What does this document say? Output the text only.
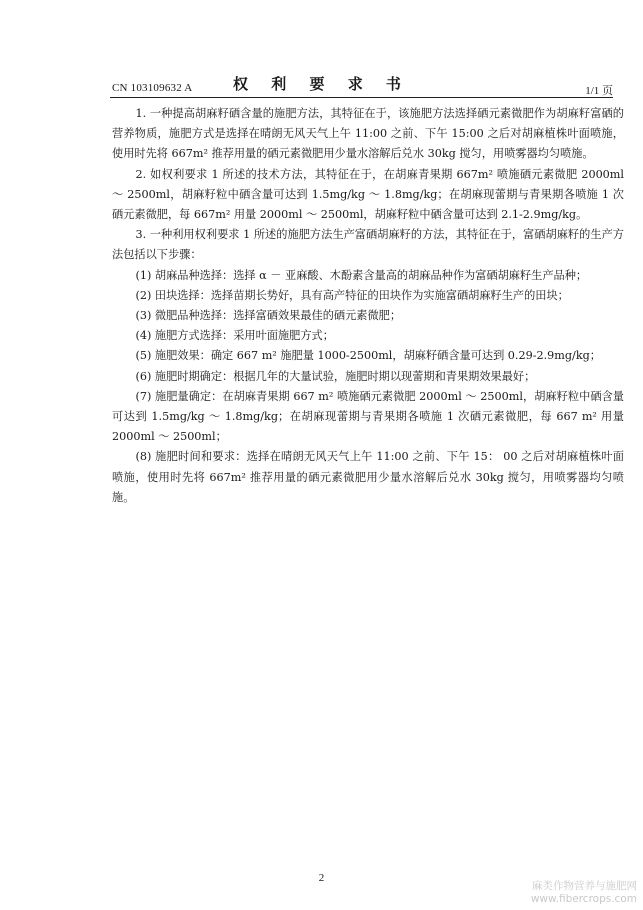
CN 103109632 A	权 利 要 求 书	1/1 页

1. 一种提高胡麻籽硒含量的施肥方法，其特征在于，该施肥方法选择硒元素微肥作为胡麻籽富硒的营养物质，施肥方式是选择在晴朗无风天气上午 11:00 之前、下午 15:00 之后对胡麻植株叶面喷施，使用时先将 667m² 推荐用量的硒元素微肥用少量水溶解后兑水 30kg 搅匀，用喷雾器均匀喷施。

2. 如权利要求 1 所述的技术方法，其特征在于，在胡麻青果期 667m² 喷施硒元素微肥 2000ml ～ 2500ml，胡麻籽粒中硒含量可达到 1.5mg/kg ～ 1.8mg/kg；在胡麻现蕾期与青果期各喷施 1 次硒元素微肥，每 667m² 用量 2000ml ～ 2500ml，胡麻籽粒中硒含量可达到 2.1-2.9mg/kg。

3. 一种利用权利要求 1 所述的施肥方法生产富硒胡麻籽的方法，其特征在于，富硒胡麻籽的生产方法包括以下步骤：

(1) 胡麻品种选择：选择 α － 亚麻酸、木酚素含量高的胡麻品种作为富硒胡麻籽生产品种；

(2) 田块选择：选择苗期长势好，具有高产特征的田块作为实施富硒胡麻籽生产的田块；

(3) 微肥品种选择：选择富硒效果最佳的硒元素微肥；

(4) 施肥方式选择：采用叶面施肥方式；

(5) 施肥效果：确定 667 m² 施肥量 1000-2500ml，胡麻籽硒含量可达到 0.29-2.9mg/kg；

(6) 施肥时期确定：根据几年的大量试验，施肥时期以现蕾期和青果期效果最好；

(7) 施肥量确定：在胡麻青果期 667 m² 喷施硒元素微肥 2000ml ～ 2500ml，胡麻籽粒中硒含量可达到 1.5mg/kg ～ 1.8mg/kg；在胡麻现蕾期与青果期各喷施 1 次硒元素微肥，每 667 m² 用量 2000ml ～ 2500ml；

(8) 施肥时间和要求：选择在晴朗无风天气上午 11:00 之前、下午 15： 00 之后对胡麻植株叶面喷施，使用时先将 667m² 推荐用量的硒元素微肥用少量水溶解后兑水 30kg 搅匀，用喷雾器均匀喷施。

2
麻类作物营养与施肥网
www.fibercrops.com
